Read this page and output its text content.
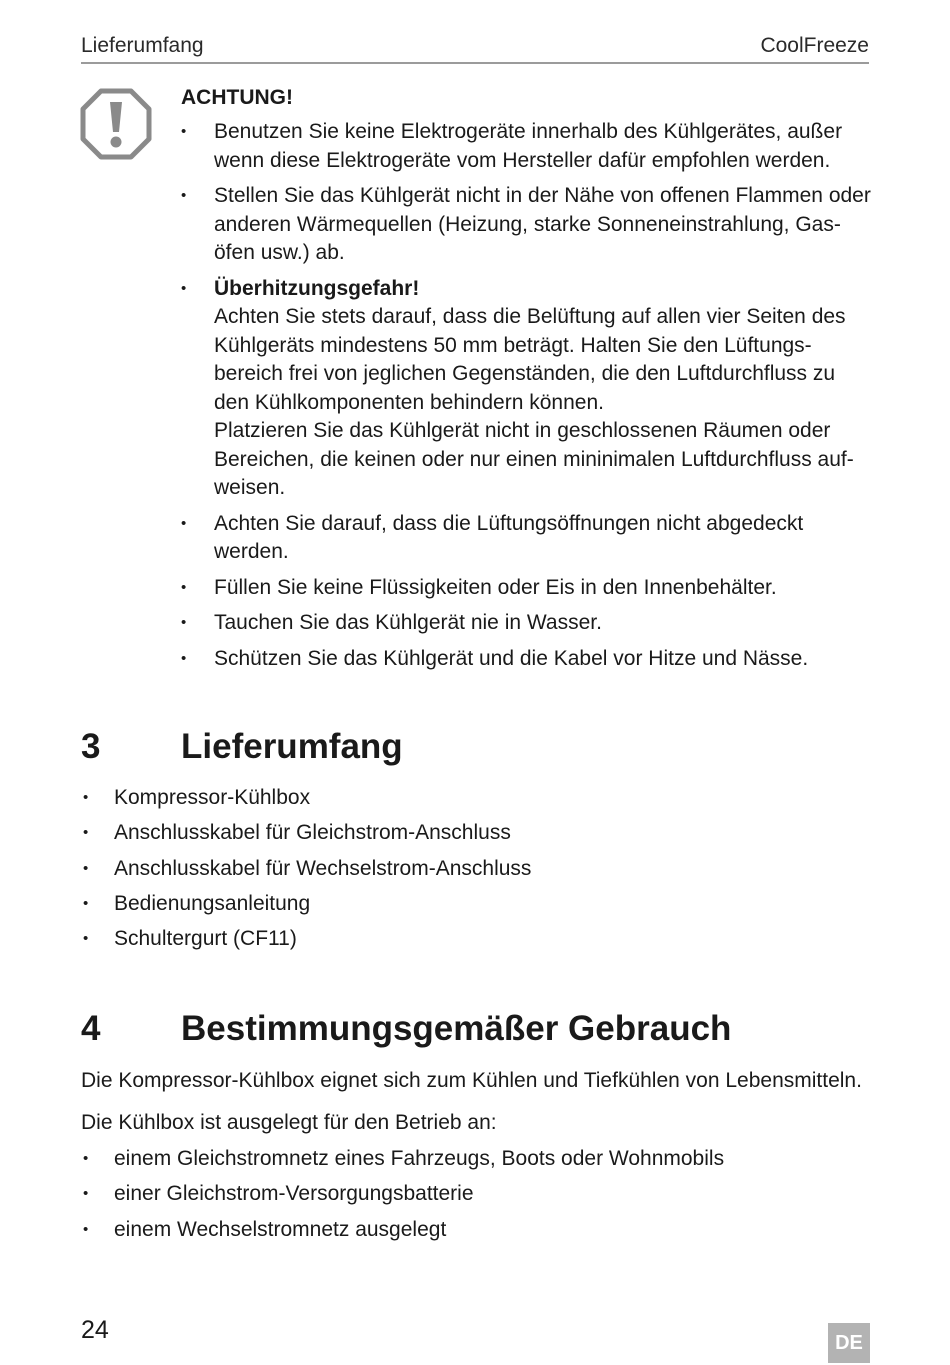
Lieferumfang	CoolFreeze

ACHTUNG!

• Benutzen Sie keine Elektrogeräte innerhalb des Kühlgerätes, außer
wenn diese Elektrogeräte vom Hersteller dafür empfohlen werden.
• Stellen Sie das Kühlgerät nicht in der Nähe von offenen Flammen oder
anderen Wärmequellen (Heizung, starke Sonneneinstrahlung, Gas-
öfen usw.) ab.
• Überhitzungsgefahr!
Achten Sie stets darauf, dass die Belüftung auf allen vier Seiten des
Kühlgeräts mindestens 50 mm beträgt. Halten Sie den Lüftungs-
bereich frei von jeglichen Gegenständen, die den Luftdurchfluss zu
den Kühlkomponenten behindern können.
Platzieren Sie das Kühlgerät nicht in geschlossenen Räumen oder
Bereichen, die keinen oder nur einen mininimalen Luftdurchfluss auf-
weisen.
• Achten Sie darauf, dass die Lüftungsöffnungen nicht abgedeckt
werden.
• Füllen Sie keine Flüssigkeiten oder Eis in den Innenbehälter.
• Tauchen Sie das Kühlgerät nie in Wasser.
• Schützen Sie das Kühlgerät und die Kabel vor Hitze und Nässe.
3 Lieferumfang
• Kompressor-Kühlbox
• Anschlusskabel für Gleichstrom-Anschluss
• Anschlusskabel für Wechselstrom-Anschluss
• Bedienungsanleitung
• Schultergurt (CF11)
4 Bestimmungsgemäßer Gebrauch

Die Kompressor-Kühlbox eignet sich zum Kühlen und Tiefkühlen von Lebensmitteln.

Die Kühlbox ist ausgelegt für den Betrieb an:

• einem Gleichstromnetz eines Fahrzeugs, Boots oder Wohnmobils
• einer Gleichstrom-Versorgungsbatterie
• einem Wechselstromnetz ausgelegt
24	DE
